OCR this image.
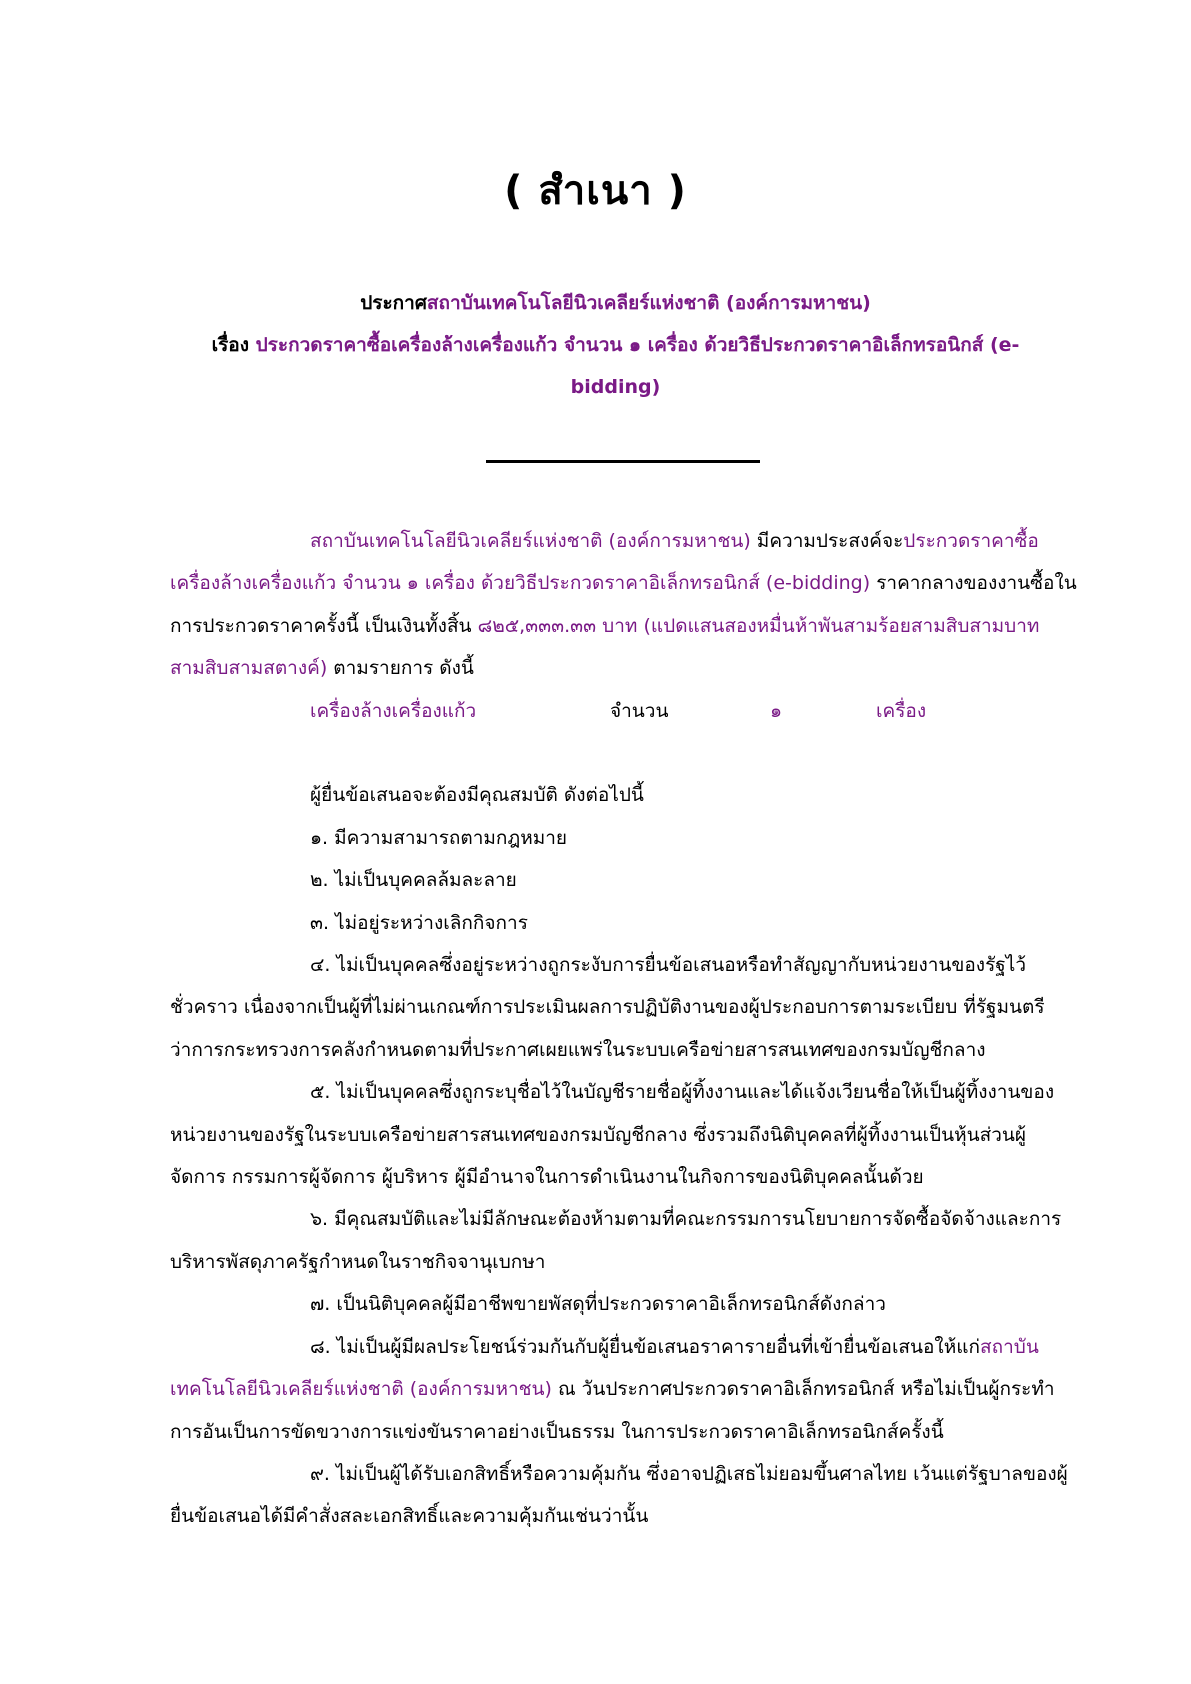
( สำเนา )
ประกาศสถาบันเทคโนโลยีนิวเคลียร์แห่งชาติ (องค์การมหาชน)
เรื่อง ประกวดราคาซื้อเครื่องล้างเครื่องแก้ว จำนวน ๑ เครื่อง ด้วยวิธีประกวดราคาอิเล็กทรอนิกส์ (e-bidding)

สถาบันเทคโนโลยีนิวเคลียร์แห่งชาติ (องค์การมหาชน) มีความประสงค์จะประกวดราคาซื้อเครื่องล้างเครื่องแก้ว จำนวน ๑ เครื่อง ด้วยวิธีประกวดราคาอิเล็กทรอนิกส์ (e-bidding) ราคากลางของงานซื้อในการประกวดราคาครั้งนี้ เป็นเงินทั้งสิ้น ๘๒๕,๓๓๓.๓๓ บาท (แปดแสนสองหมื่นห้าพันสามร้อยสามสิบสามบาทสามสิบสามสตางค์) ตามรายการ ดังนี้

เครื่องล้างเครื่องแก้ว	จำนวน	๑	เครื่อง

ผู้ยื่นข้อเสนอจะต้องมีคุณสมบัติ ดังต่อไปนี้

๑. มีความสามารถตามกฎหมาย

๒. ไม่เป็นบุคคลล้มละลาย

๓. ไม่อยู่ระหว่างเลิกกิจการ

๔. ไม่เป็นบุคคลซึ่งอยู่ระหว่างถูกระงับการยื่นข้อเสนอหรือทำสัญญากับหน่วยงานของรัฐไว้ชั่วคราว เนื่องจากเป็นผู้ที่ไม่ผ่านเกณฑ์การประเมินผลการปฏิบัติงานของผู้ประกอบการตามระเบียบ ที่รัฐมนตรีว่าการกระทรวงการคลังกำหนดตามที่ประกาศเผยแพร่ในระบบเครือข่ายสารสนเทศของกรมบัญชีกลาง

๕. ไม่เป็นบุคคลซึ่งถูกระบุชื่อไว้ในบัญชีรายชื่อผู้ทิ้งงานและได้แจ้งเวียนชื่อให้เป็นผู้ทิ้งงานของหน่วยงานของรัฐในระบบเครือข่ายสารสนเทศของกรมบัญชีกลาง ซึ่งรวมถึงนิติบุคคลที่ผู้ทิ้งงานเป็นหุ้นส่วนผู้จัดการ กรรมการผู้จัดการ ผู้บริหาร ผู้มีอำนาจในการดำเนินงานในกิจการของนิติบุคคลนั้นด้วย

๖. มีคุณสมบัติและไม่มีลักษณะต้องห้ามตามที่คณะกรรมการนโยบายการจัดซื้อจัดจ้างและการบริหารพัสดุภาครัฐกำหนดในราชกิจจานุเบกษา

๗. เป็นนิติบุคคลผู้มีอาชีพขายพัสดุที่ประกวดราคาอิเล็กทรอนิกส์ดังกล่าว

๘. ไม่เป็นผู้มีผลประโยชน์ร่วมกันกับผู้ยื่นข้อเสนอราคารายอื่นที่เข้ายื่นข้อเสนอให้แก่สถาบันเทคโนโลยีนิวเคลียร์แห่งชาติ (องค์การมหาชน) ณ วันประกาศประกวดราคาอิเล็กทรอนิกส์ หรือไม่เป็นผู้กระทำการอันเป็นการขัดขวางการแข่งขันราคาอย่างเป็นธรรม ในการประกวดราคาอิเล็กทรอนิกส์ครั้งนี้

๙. ไม่เป็นผู้ได้รับเอกสิทธิ์หรือความคุ้มกัน ซึ่งอาจปฏิเสธไม่ยอมขึ้นศาลไทย เว้นแต่รัฐบาลของผู้ยื่นข้อเสนอได้มีคำสั่งสละเอกสิทธิ์และความคุ้มกันเช่นว่านั้น
